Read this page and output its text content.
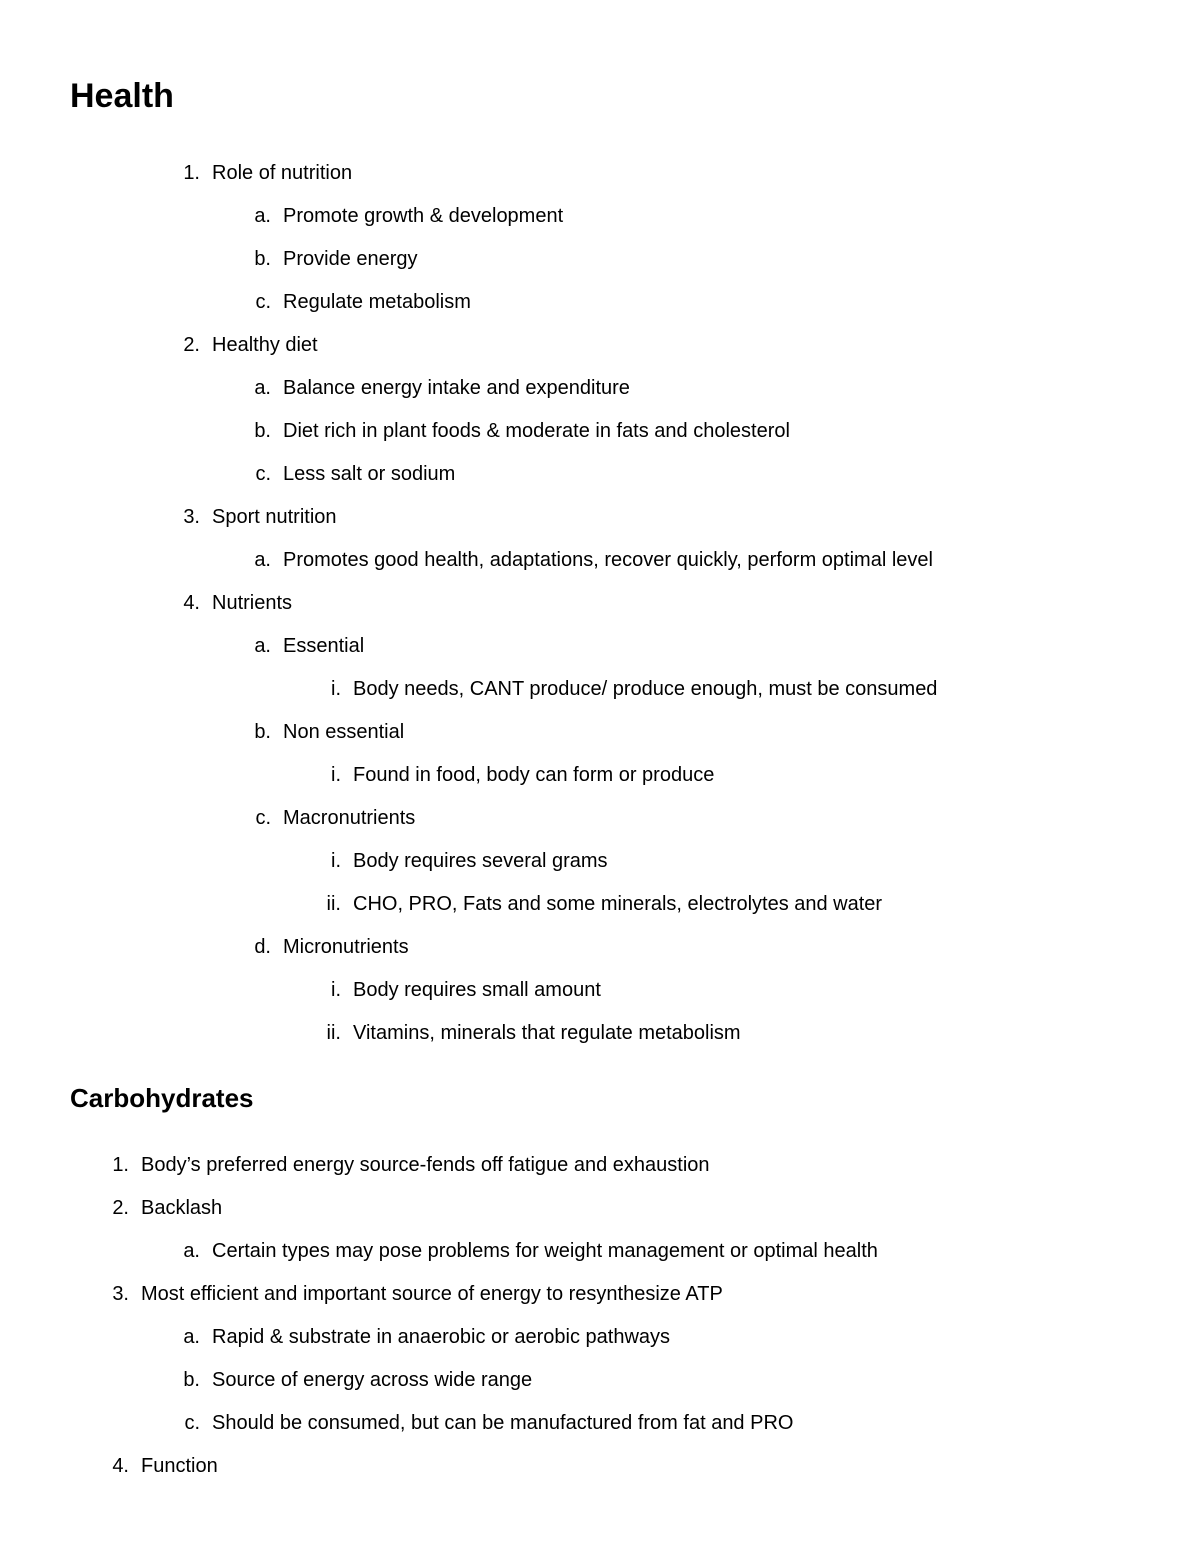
Health
1. Role of nutrition
a. Promote growth & development
b. Provide energy
c. Regulate metabolism
2. Healthy diet
a. Balance energy intake and expenditure
b. Diet rich in plant foods & moderate in fats and cholesterol
c. Less salt or sodium
3. Sport nutrition
a. Promotes good health, adaptations, recover quickly, perform optimal level
4. Nutrients
a. Essential
i. Body needs, CANT produce/ produce enough, must be consumed
b. Non essential
i. Found in food, body can form or produce
c. Macronutrients
i. Body requires several grams
ii. CHO, PRO, Fats and some minerals, electrolytes and water
d. Micronutrients
i. Body requires small amount
ii. Vitamins, minerals that regulate metabolism
Carbohydrates
1. Body’s preferred energy source-fends off fatigue and exhaustion
2. Backlash
a. Certain types may pose problems for weight management or optimal health
3. Most efficient and important source of energy to resynthesize ATP
a. Rapid & substrate in anaerobic or aerobic pathways
b. Source of energy across wide range
c. Should be consumed, but can be manufactured from fat and PRO
4. Function
